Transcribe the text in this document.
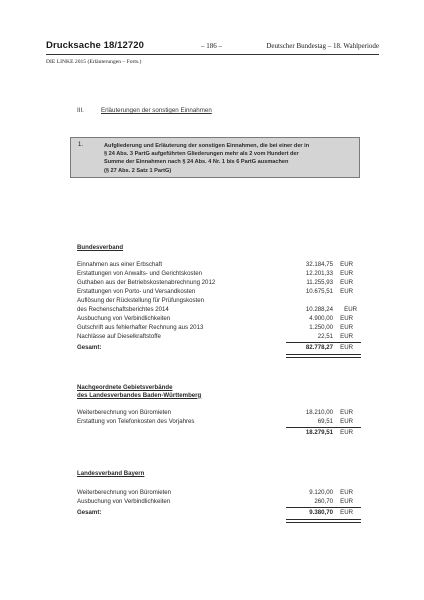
Drucksache 18/12720	– 186 –	Deutscher Bundestag – 18. Wahlperiode
DIE LINKE 2015 (Erläuterungen – Forts.)
III.	Erläuterungen der sonstigen Einnahmen
1.	Aufgliederung und Erläuterung der sonstigen Einnahmen, die bei einer der in
§ 24 Abs. 3 PartG aufgeführten Gliederungen mehr als 2 vom Hundert der
Summe der Einnahmen nach § 24 Abs. 4 Nr. 1 bis 6 PartG ausmachen
(§ 27 Abs. 2 Satz 1 PartG)
Bundesverband
Einnahmen aus einer Erbschaft	32.184,75 EUR
Erstattungen von Anwalts- und Gerichtskosten	12.201,33 EUR
Guthaben aus der Betriebskostenabrechnung 2012	11.255,93 EUR
Erstattungen von Porto- und Versandkosten	10.675,51 EUR
Auflösung der Rückstellung für Prüfungskosten
des Rechenschaftsberichtes 2014	10.288,24 EUR
Ausbuchung von Verbindlichkeiten	4.900,00 EUR
Gutschrift aus fehlerhafter Rechnung aus 2013	1.250,00 EUR
Nachlässe auf Dieselkraftstoffe	22,51 EUR
Gesamt:	82.778,27 EUR
Nachgeordnete Gebietsverbände
des Landesverbandes Baden-Württemberg
Weiterberechnung von Büromieten	18.210,00 EUR
Erstattung von Telefonkosten des Vorjahres	69,51 EUR
18.279,51 EUR
Landesverband Bayern
Weiterberechnung von Büromieten	9.120,00 EUR
Ausbuchung von Verbindlichkeiten	260,70 EUR
Gesamt:	9.380,70 EUR
